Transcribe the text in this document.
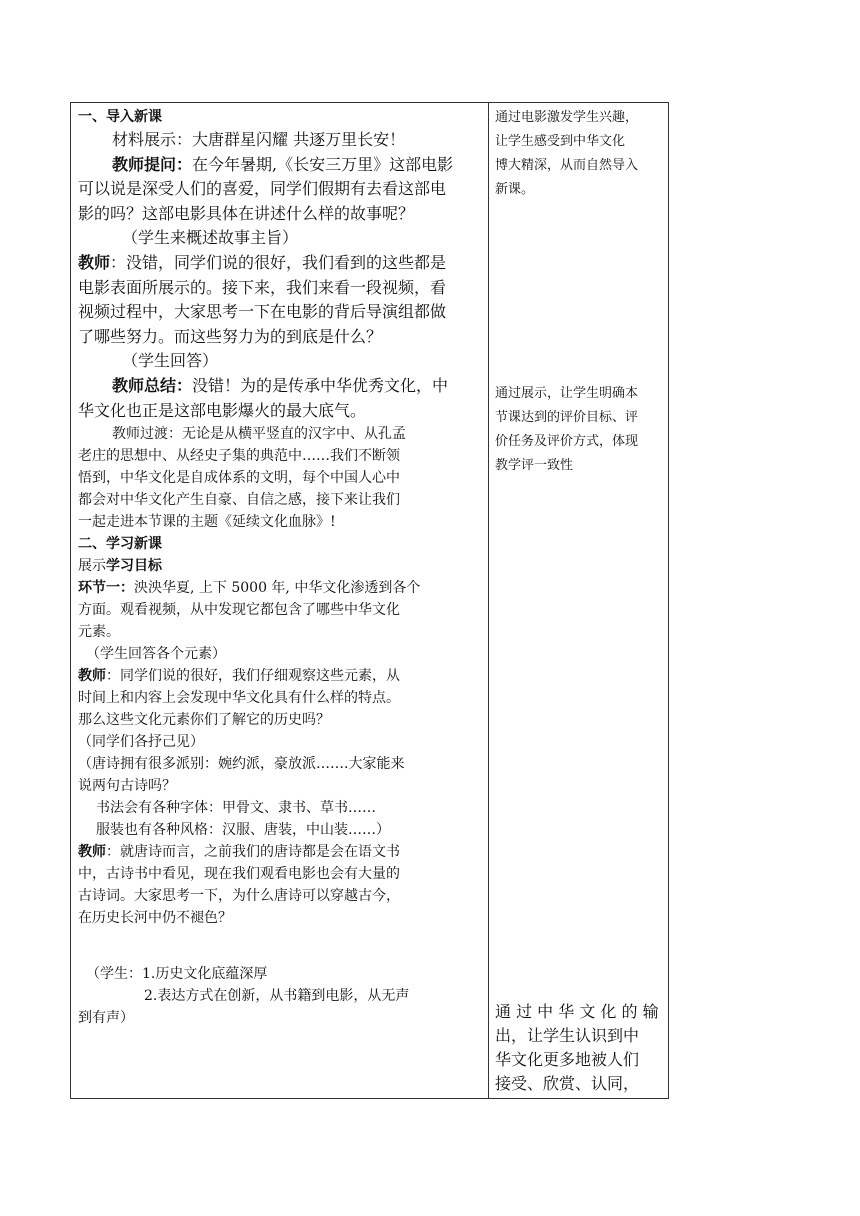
一、导入新课

材料展示：大唐群星闪耀 共逐万里长安！

教师提问：在今年暑期,《长安三万里》这部电影

可以说是深受人们的喜爱，同学们假期有去看这部电

影的吗？这部电影具体在讲述什么样的故事呢？

（学生来概述故事主旨）

教师：没错，同学们说的很好，我们看到的这些都是

电影表面所展示的。接下来，我们来看一段视频，看

视频过程中，大家思考一下在电影的背后导演组都做

了哪些努力。而这些努力为的到底是什么？

（学生回答）

教师总结：没错！为的是传承中华优秀文化，中

华文化也正是这部电影爆火的最大底气。

教师过渡：无论是从横平竖直的汉字中、从孔孟

老庄的思想中、从经史子集的典范中……我们不断领

悟到，中华文化是自成体系的文明，每个中国人心中

都会对中华文化产生自豪、自信之感，接下来让我们

一起走进本节课的主题《延续文化血脉》!

二、学习新课

展示学习目标

环节一：泱泱华夏, 上下 5000 年, 中华文化渗透到各个

方面。观看视频，从中发现它都包含了哪些中华文化

元素。

（学生回答各个元素）

教师：同学们说的很好，我们仔细观察这些元素，从

时间上和内容上会发现中华文化具有什么样的特点。

那么这些文化元素你们了解它的历史吗？

（同学们各抒己见）

（唐诗拥有很多派别：婉约派，豪放派…….大家能来

说两句古诗吗？

书法会有各种字体：甲骨文、隶书、草书……

服装也有各种风格：汉服、唐装，中山装……）

教师：就唐诗而言，之前我们的唐诗都是会在语文书

中，古诗书中看见，现在我们观看电影也会有大量的

古诗词。大家思考一下，为什么唐诗可以穿越古今，

在历史长河中仍不褪色？

（学生：1.历史文化底蕴深厚

2.表达方式在创新，从书籍到电影，从无声

到有声）

通过电影激发学生兴趣，

让学生感受到中华文化

博大精深，从而自然导入

新课。

通过展示，让学生明确本

节课达到的评价目标、评

价任务及评价方式，体现

教学评一致性

通 过 中 华 文 化 的 输

出，让学生认识到中

华文化更多地被人们

接受、欣赏、认同，
